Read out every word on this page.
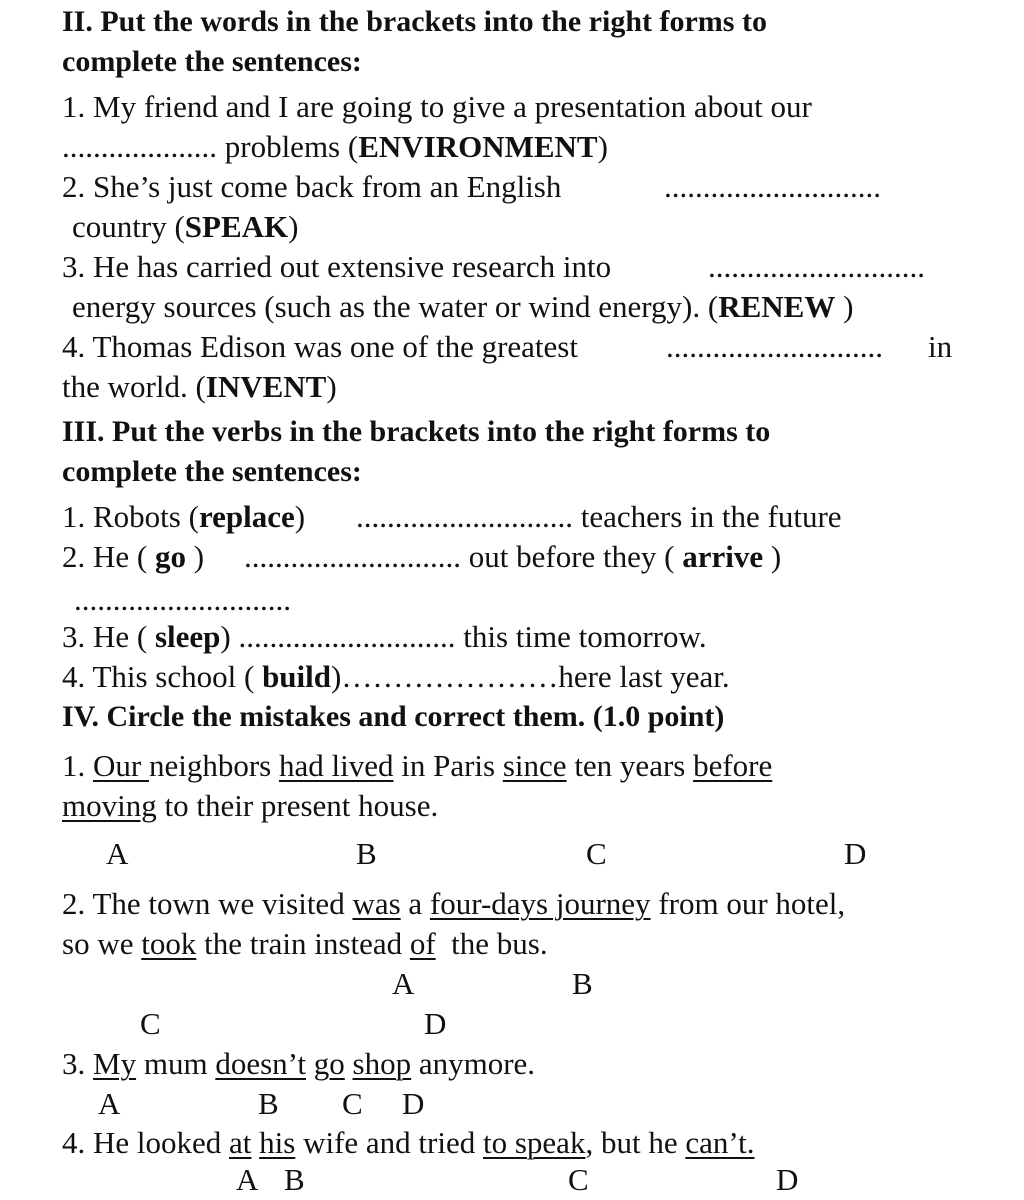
II. Put the words in the brackets into the right forms to
complete the sentences:
1. My friend and I are going to give a presentation about our
.................... problems (ENVIRONMENT)
2. She’s just come back from an English	............................
country (SPEAK)
3. He has carried out extensive research into	............................
energy sources (such as the water or wind energy). (RENEW )
4. Thomas Edison was one of the greatest	............................ in
the world. (INVENT)
III. Put the verbs in the brackets into the right forms to
complete the sentences:
1. Robots (replace) ............................ teachers in the future
2. He ( go ) ............................ out before they ( arrive )
............................
3. He ( sleep) ............................ this time tomorrow.
4. This school ( build)…………………here last year.
IV. Circle the mistakes and correct them. (1.0 point)
1. Our neighbors had lived in Paris since ten years before
moving to their present house.
A	B	C	D
2. The town we visited was a four-days journey from our hotel,
so we took the train instead of  the bus.
A	B
C	D
3. My mum doesn’t go shop anymore.
A	B C D
4. He looked at his wife and tried to speak, but he can’t.
A B	C	D
